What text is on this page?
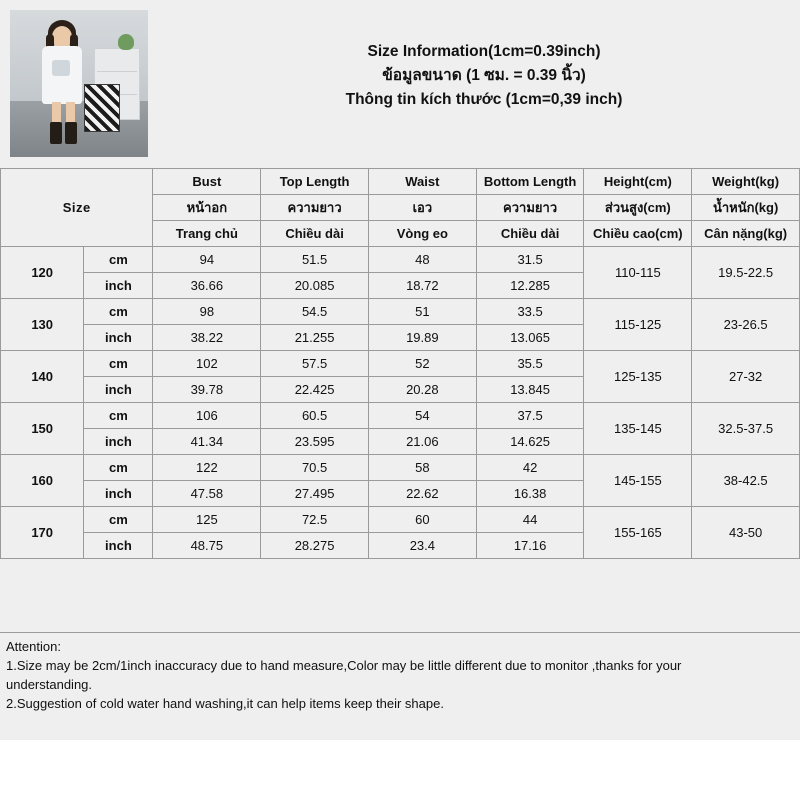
Size Information(1cm=0.39inch)
ข้อมูลขนาด (1 ซม. = 0.39 นิ้ว)
Thông tin kích thước (1cm=0,39 inch)
Size		Bust	Top Length	Waist	Bottom Length	Height(cm)	Weight(kg)
		หน้าอก	ความยาว	เอว	ความยาว	ส่วนสูง(cm)	น้ำหนัก(kg)
		Trang chủ	Chiều dài	Vòng eo	Chiều dài	Chiều cao(cm)	Cân nặng(kg)
120	cm	94	51.5	48	31.5	110-115	19.5-22.5
	inch	36.66	20.085	18.72	12.285		
130	cm	98	54.5	51	33.5	115-125	23-26.5
	inch	38.22	21.255	19.89	13.065		
140	cm	102	57.5	52	35.5	125-135	27-32
	inch	39.78	22.425	20.28	13.845		
150	cm	106	60.5	54	37.5	135-145	32.5-37.5
	inch	41.34	23.595	21.06	14.625		
160	cm	122	70.5	58	42	145-155	38-42.5
	inch	47.58	27.495	22.62	16.38		
170	cm	125	72.5	60	44	155-165	43-50
	inch	48.75	28.275	23.4	17.16		

Attention:

1.Size may be 2cm/1inch inaccuracy due to hand measure,Color may be little different due to monitor ,thanks for your

understanding.

2.Suggestion of cold water hand washing,it can help items keep their shape.
